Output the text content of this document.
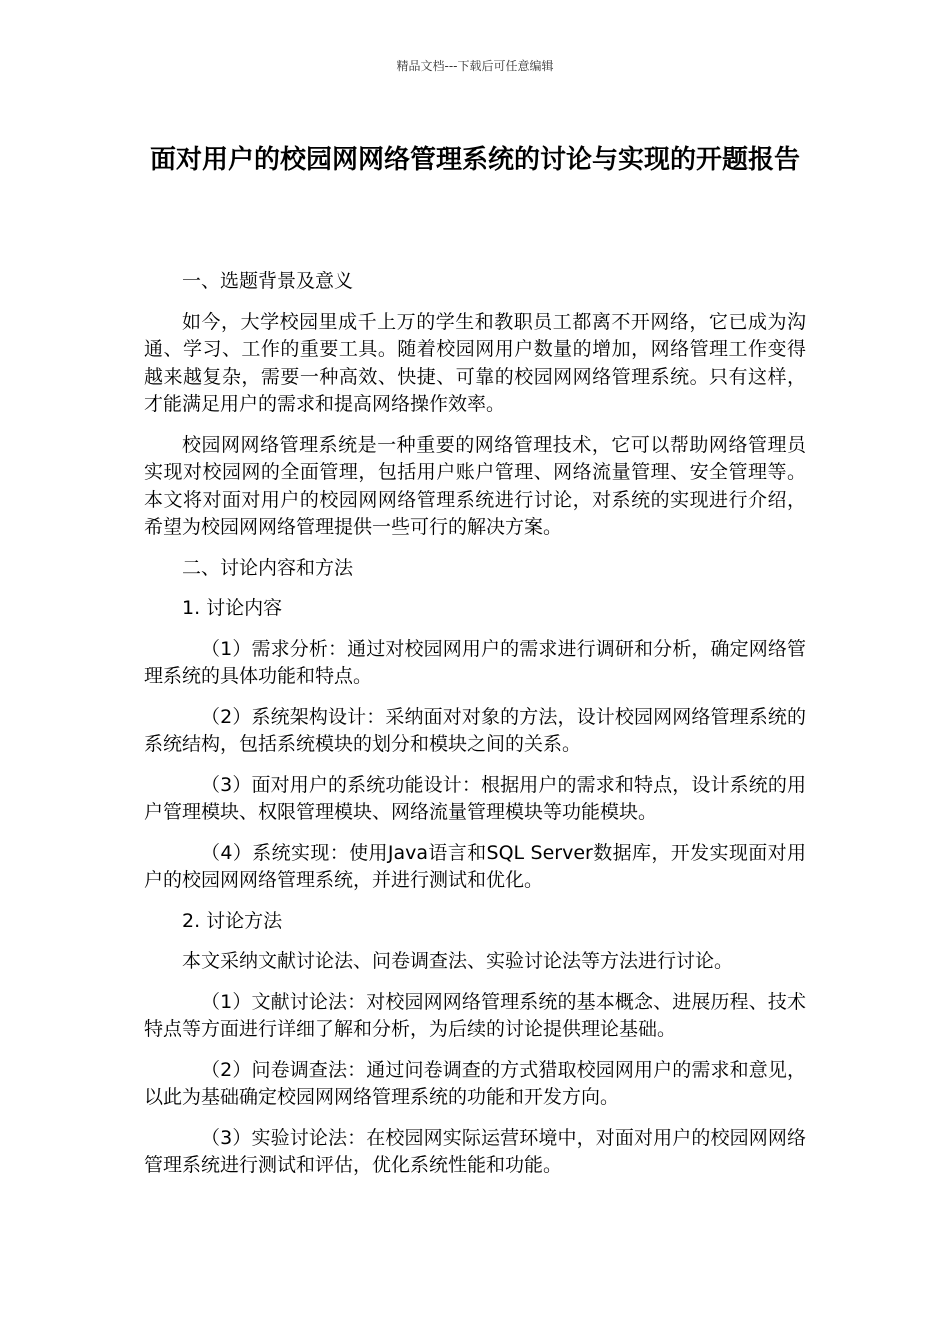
精品文档---下载后可任意编辑
面对用户的校园网网络管理系统的讨论与实现的开题报告

一、选题背景及意义

如今，大学校园里成千上万的学生和教职员工都离不开网络，它已成为沟通、学习、工作的重要工具。随着校园网用户数量的增加，网络管理工作变得越来越复杂，需要一种高效、快捷、可靠的校园网网络管理系统。只有这样，才能满足用户的需求和提高网络操作效率。

校园网网络管理系统是一种重要的网络管理技术，它可以帮助网络管理员实现对校园网的全面管理，包括用户账户管理、网络流量管理、安全管理等。本文将对面对用户的校园网网络管理系统进行讨论，对系统的实现进行介绍，希望为校园网网络管理提供一些可行的解决方案。

二、讨论内容和方法

1. 讨论内容

（1）需求分析：通过对校园网用户的需求进行调研和分析，确定网络管理系统的具体功能和特点。

（2）系统架构设计：采纳面对对象的方法，设计校园网网络管理系统的系统结构，包括系统模块的划分和模块之间的关系。

（3）面对用户的系统功能设计：根据用户的需求和特点，设计系统的用户管理模块、权限管理模块、网络流量管理模块等功能模块。

（4）系统实现：使用Java语言和SQL Server数据库，开发实现面对用户的校园网网络管理系统，并进行测试和优化。

2. 讨论方法

本文采纳文献讨论法、问卷调查法、实验讨论法等方法进行讨论。

（1）文献讨论法：对校园网网络管理系统的基本概念、进展历程、技术特点等方面进行详细了解和分析，为后续的讨论提供理论基础。

（2）问卷调查法：通过问卷调查的方式猎取校园网用户的需求和意见，以此为基础确定校园网网络管理系统的功能和开发方向。

（3）实验讨论法：在校园网实际运营环境中，对面对用户的校园网网络管理系统进行测试和评估，优化系统性能和功能。
